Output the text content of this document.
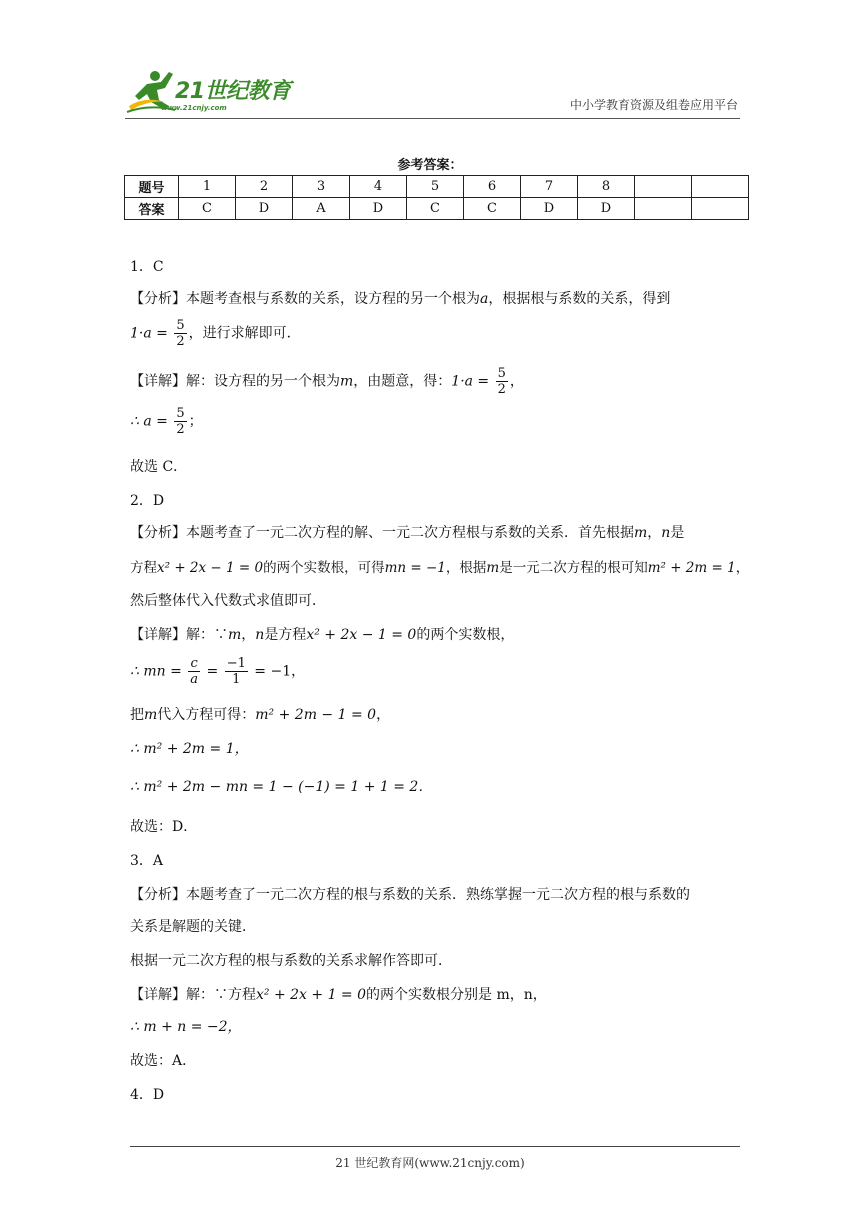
21世纪教育
www.21cnjy.com	中小学教育资源及组卷应用平台
参考答案：
题号	1	2	3	4	5	6	7	8		
答案	C	D	A	D	C	C	D	D		
1．C
【分析】本题考查根与系数的关系，设方程的另一个根为a，根据根与系数的关系，得到
$1\cdot a = \frac{5}{2}$ ，进行求解即可．
【详解】解：设方程的另一个根为m，由题意，得：$1\cdot a = \frac{5}{2}$ ，
∴ $a = \frac{5}{2}$ ；
故选 C．
2．D
【分析】本题考查了一元二次方程的解、一元二次方程根与系数的关系．首先根据m，n是
方程x² + 2x − 1 = 0的两个实数根，可得mn = −1，根据m是一元二次方程的根可知m² + 2m = 1，
然后整体代入代数式求值即可．
【详解】解：∵m，n是方程x² + 2x − 1 = 0的两个实数根，
∴ mn = $\frac{c}{a} = \frac{-1}{1} = -1$，
把m代入方程可得：m² + 2m − 1 = 0，
∴ m² + 2m = 1，
∴ m² + 2m − mn = 1 − (−1) = 1 + 1 = 2．
故选：D．
3．A
【分析】本题考查了一元二次方程的根与系数的关系．熟练掌握一元二次方程的根与系数的
关系是解题的关键．
根据一元二次方程的根与系数的关系求解作答即可．
【详解】解：∵方程x² + 2x + 1 = 0的两个实数根分别是 m，n，
∴ m + n = −2，
故选：A．
4．D
21 世纪教育网(www.21cnjy.com)
